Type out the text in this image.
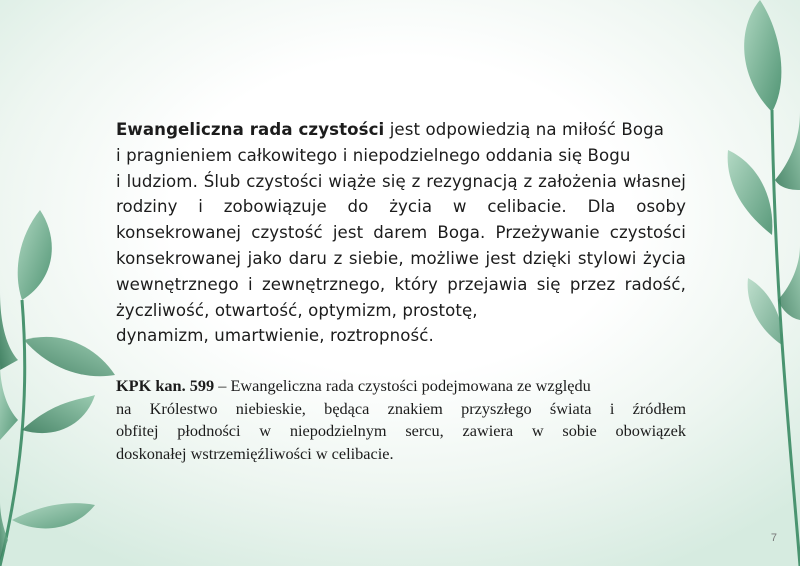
Ewangeliczna rada czystości jest odpowiedzią na miłość Boga
i pragnieniem całkowitego i niepodzielnego oddania się Bogu
i ludziom. Ślub czystości wiąże się z rezygnacją z założenia własnej
rodziny i zobowiązuje do życia w celibacie. Dla osoby
konsekrowanej czystość jest darem Boga. Przeżywanie czystości
konsekrowanej jako daru z siebie, możliwe jest dzięki stylowi życia
wewnętrznego i zewnętrznego, który przejawia się przez radość,
życzliwość, otwartość, optymizm, prostotę,
dynamizm, umartwienie, roztropność.

KPK kan. 599 – Ewangeliczna rada czystości podejmowana ze względu
na Królestwo niebieskie, będąca znakiem przyszłego świata i źródłem
obfitej płodności w niepodzielnym sercu, zawiera w sobie obowiązek
doskonałej wstrzemięźliwości w celibacie.

7
